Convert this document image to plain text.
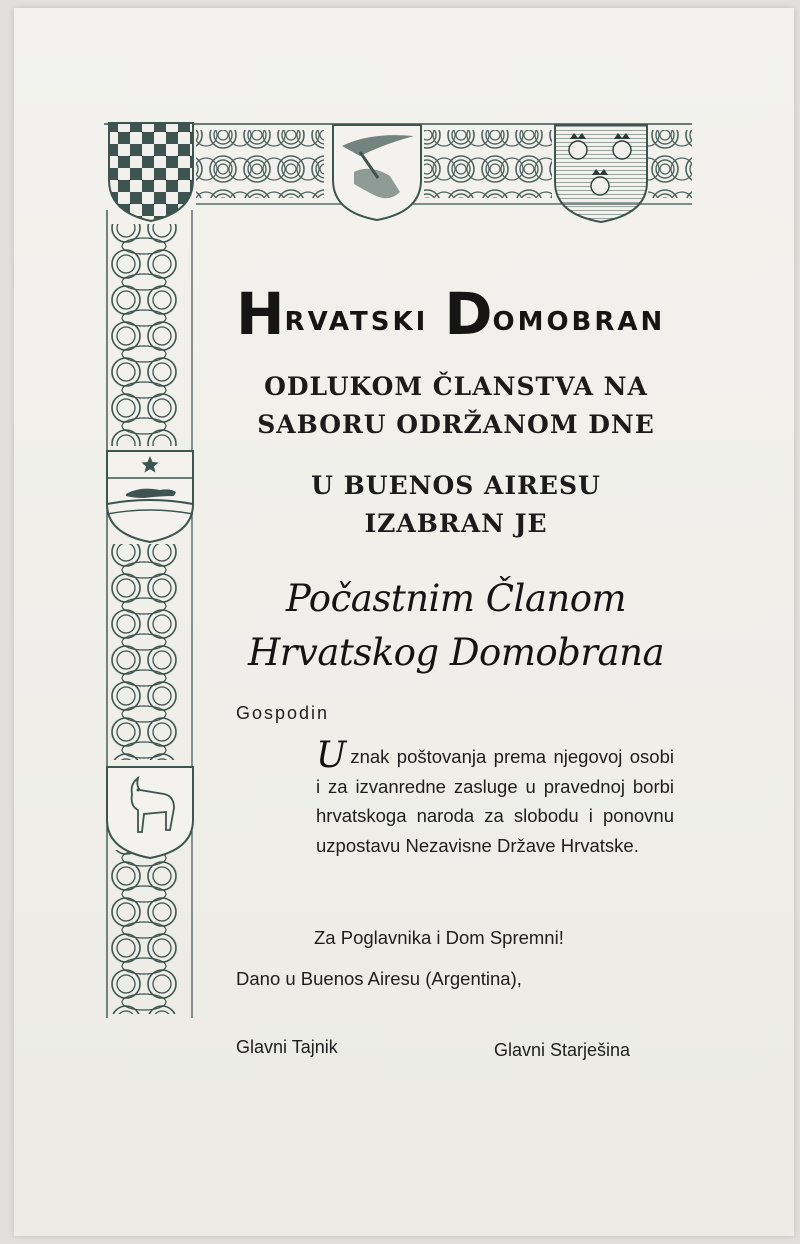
HRVATSKI DOMOBRAN
ODLUKOM ČLANSTVA NA
SABORU ODRŽANOM DNE
U BUENOS AIRESU
IZABRAN JE
Počastnim Članom
Hrvatskog Domobrana
Gospodin
U znak poštovanja prema njegovoj osobi i za izvanredne zasluge u pravednoj borbi hrvatskoga naroda za slobodu i ponovnu uzpostavu Nezavisne Države Hrvatske.
Za Poglavnika i Dom Spremni!
Dano u Buenos Airesu (Argentina),
Glavni Tajnik	Glavni Starješina
